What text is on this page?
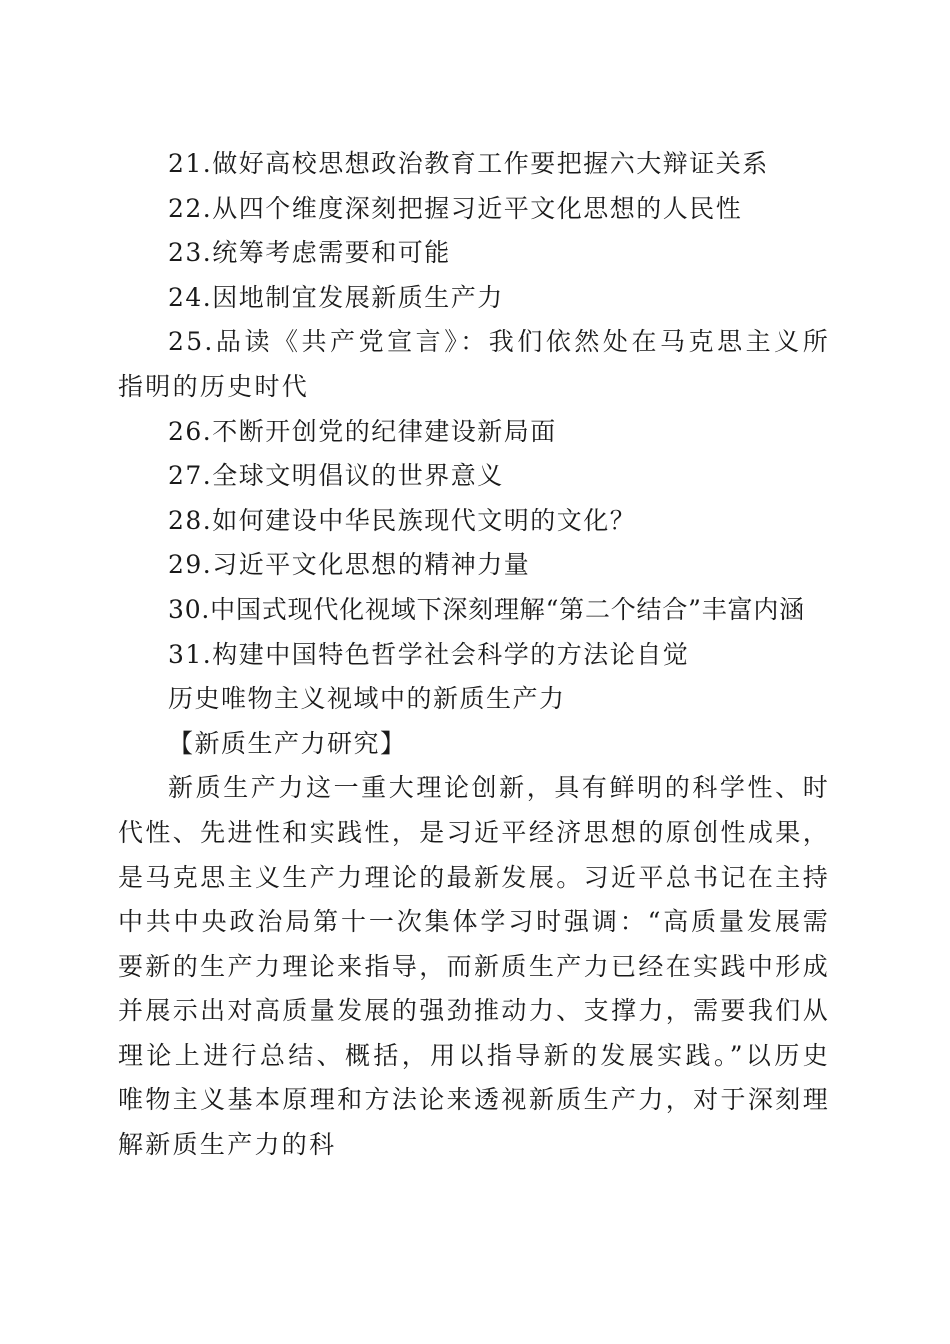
21.做好高校思想政治教育工作要把握六大辩证关系

22.从四个维度深刻把握习近平文化思想的人民性

23.统筹考虑需要和可能

24.因地制宜发展新质生产力

25.品读《共产党宣言》：我们依然处在马克思主义所指明的历史时代

26.不断开创党的纪律建设新局面

27.全球文明倡议的世界意义

28.如何建设中华民族现代文明的文化？

29.习近平文化思想的精神力量

30.中国式现代化视域下深刻理解“第二个结合”丰富内涵

31.构建中国特色哲学社会科学的方法论自觉

历史唯物主义视域中的新质生产力

【新质生产力研究】

新质生产力这一重大理论创新，具有鲜明的科学性、时代性、先进性和实践性，是习近平经济思想的原创性成果，是马克思主义生产力理论的最新发展。习近平总书记在主持中共中央政治局第十一次集体学习时强调：“高质量发展需要新的生产力理论来指导，而新质生产力已经在实践中形成并展示出对高质量发展的强劲推动力、支撑力，需要我们从理论上进行总结、概括，用以指导新的发展实践。”以历史唯物主义基本原理和方法论来透视新质生产力，对于深刻理解新质生产力的科
